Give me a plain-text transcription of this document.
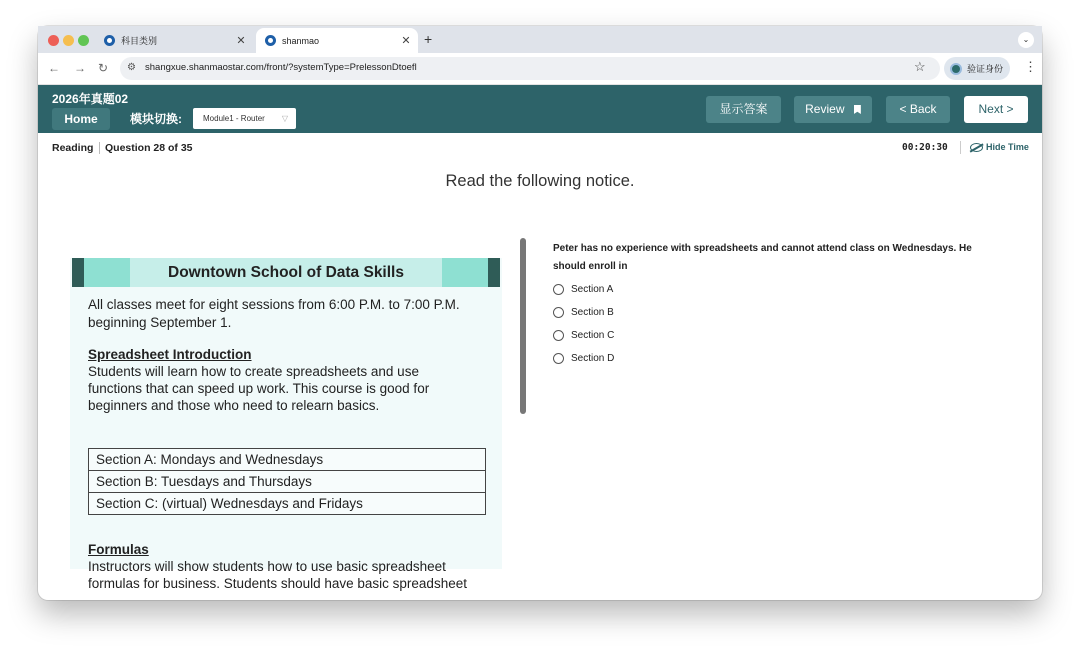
科目类别	✕	shanmao	✕ +	⌄
← → ↻ ⚙ shangxue.shanmaostar.com/front/?systemType=PrelessonDtoefl	☆	验证身份 ⋮
2026年真题02
Home	模块切换:	Module1 - Router ▽
显示答案	Review	< Back	Next >
Reading Question 28 of 35	00:20:30	Hide Time
Read the following notice.
Downtown School of Data Skills

All classes meet for eight sessions from 6:00 P.M. to 7:00 P.M.

beginning September 1.

Spreadsheet Introduction

Students will learn how to create spreadsheets and use

functions that can speed up work. This course is good for

beginners and those who need to relearn basics.

Section A: Mondays and Wednesdays
Section B: Tuesdays and Thursdays
Section C: (virtual) Wednesdays and Fridays
Formulas

Instructors will show students how to use basic spreadsheet

formulas for business. Students should have basic spreadsheet

Peter has no experience with spreadsheets and cannot attend class on Wednesdays. He
should enroll in
Section A
Section B
Section C
Section D
